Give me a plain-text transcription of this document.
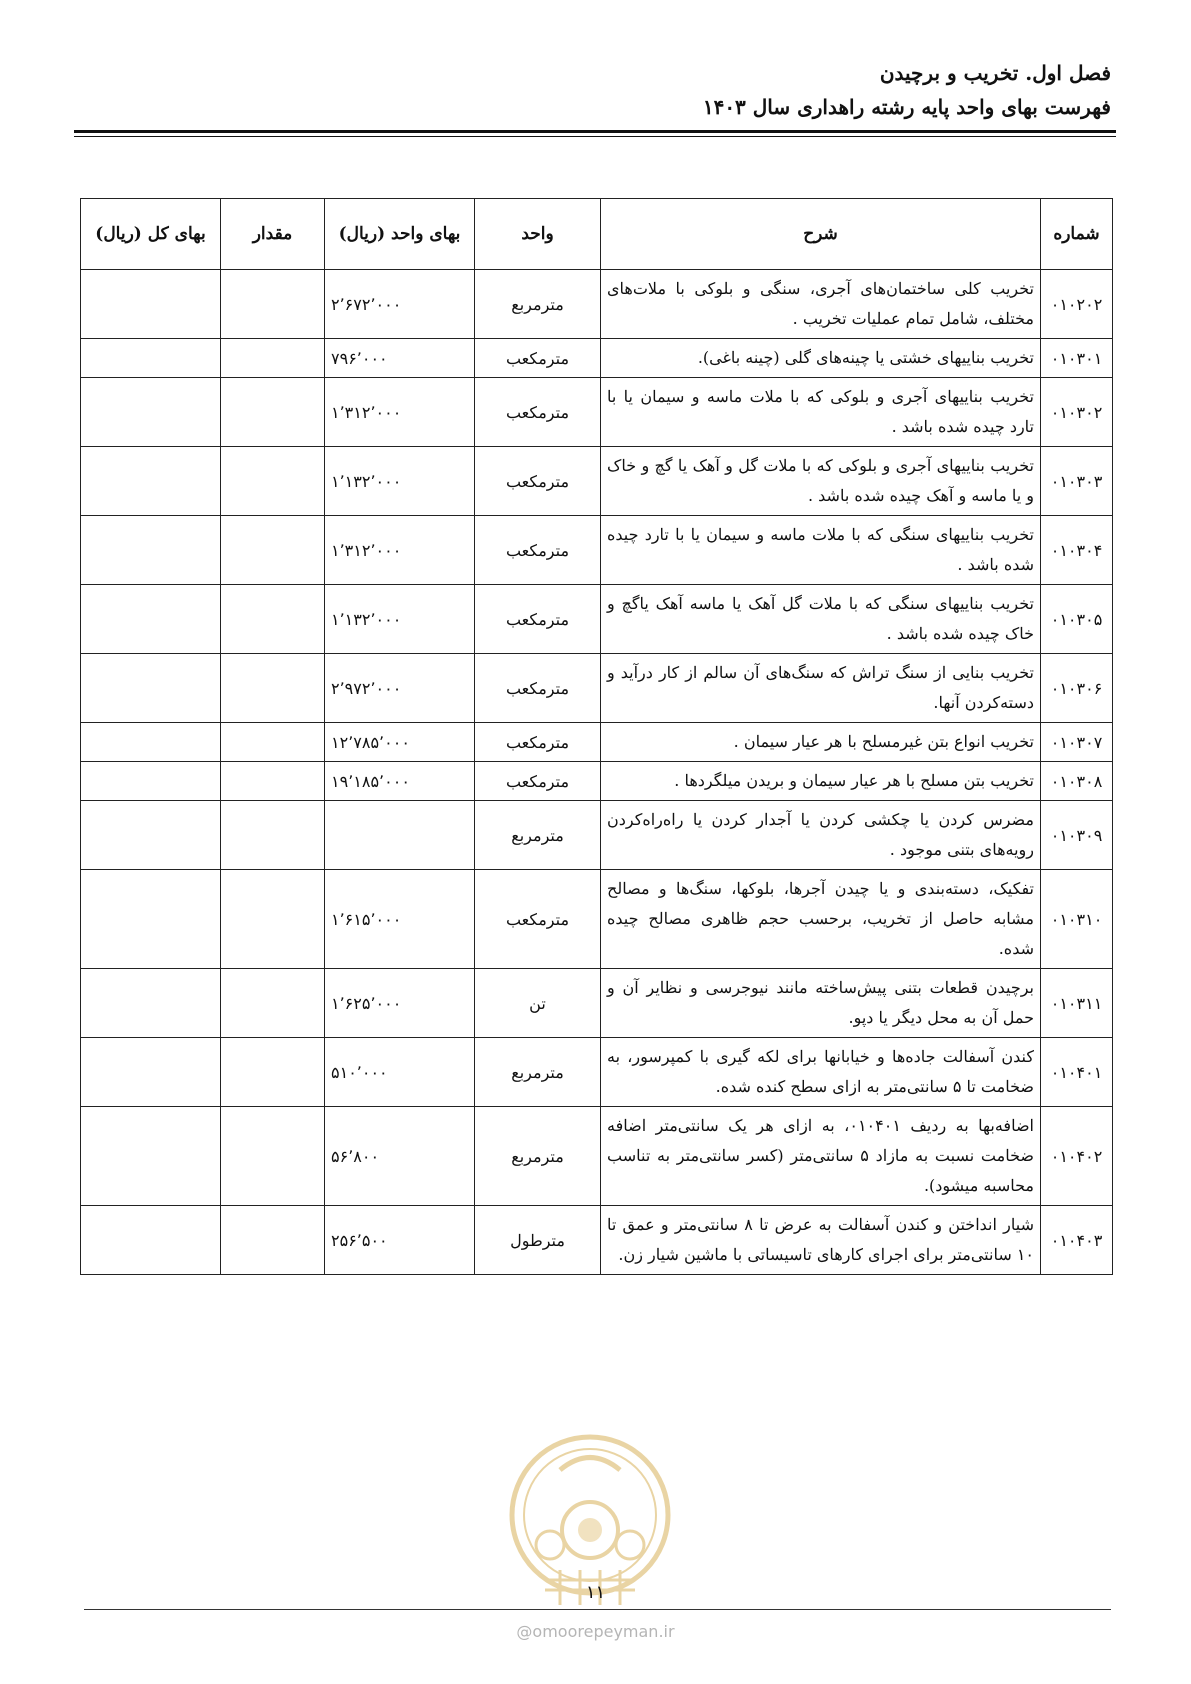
فصل اول. تخریب و برچیدن
فهرست بهای واحد پایه رشته راهداری سال ۱۴۰۳
شماره	شرح	واحد	بهای واحد (ریال)	مقدار	بهای کل (ریال)
۰۱۰۲۰۲	تخریب کلی ساختمان‌های آجری، سنگی و بلوکی با ملات‌های مختلف، شامل تمام عملیات تخریب .	مترمربع	۲٬۶۷۲٬۰۰۰		
۰۱۰۳۰۱	تخریب بناییهای خشتی یا چینه‌های گلی (چینه باغی).	مترمکعب	۷۹۶٬۰۰۰		
۰۱۰۳۰۲	تخریب بناییهای آجری و بلوکی که با ملات ماسه و سیمان یا با تارد چیده شده باشد .	مترمکعب	۱٬۳۱۲٬۰۰۰		
۰۱۰۳۰۳	تخریب بناییهای آجری و بلوکی که با ملات گل و آهک یا گچ و خاک و یا ماسه و آهک چیده شده باشد .	مترمکعب	۱٬۱۳۲٬۰۰۰		
۰۱۰۳۰۴	تخریب بناییهای سنگی که با ملات ماسه و سیمان یا با تارد چیده شده باشد .	مترمکعب	۱٬۳۱۲٬۰۰۰		
۰۱۰۳۰۵	تخریب بناییهای سنگی که با ملات گل آهک یا ماسه آهک یاگچ و خاک چیده شده باشد .	مترمکعب	۱٬۱۳۲٬۰۰۰		
۰۱۰۳۰۶	تخریب بنایی از سنگ تراش که سنگ‌های آن سالم از کار درآید و دسته‌کردن آنها.	مترمکعب	۲٬۹۷۲٬۰۰۰		
۰۱۰۳۰۷	تخریب انواع بتن غیرمسلح با هر عیار سیمان .	مترمکعب	۱۲٬۷۸۵٬۰۰۰		
۰۱۰۳۰۸	تخریب بتن مسلح با هر عیار سیمان و بریدن میلگردها .	مترمکعب	۱۹٬۱۸۵٬۰۰۰		
۰۱۰۳۰۹	مضرس کردن یا چکشی کردن یا آجدار کردن یا راه‌راه‌کردن رویه‌های بتنی موجود .	مترمربع			
۰۱۰۳۱۰	تفکیک، دسته‌بندی و یا چیدن آجرها، بلوکها، سنگ‌ها و مصالح مشابه حاصل از تخریب، برحسب حجم ظاهری مصالح چیده شده.	مترمکعب	۱٬۶۱۵٬۰۰۰		
۰۱۰۳۱۱	برچیدن قطعات بتنی پیش‌ساخته مانند نیوجرسی و نظایر آن و حمل آن به محل دیگر یا دپو.	تن	۱٬۶۲۵٬۰۰۰		
۰۱۰۴۰۱	کندن آسفالت جاده‌ها و خیابانها برای لکه گیری با کمپرسور، به ضخامت تا ۵ سانتی‌متر به ازای سطح کنده شده.	مترمربع	۵۱۰٬۰۰۰		
۰۱۰۴۰۲	اضافه‌بها به ردیف ۰۱۰۴۰۱، به ازای هر یک سانتی‌متر اضافه ضخامت نسبت به مازاد ۵ سانتی‌متر (کسر سانتی‌متر به تناسب محاسبه میشود).	مترمربع	۵۶٬۸۰۰		
۰۱۰۴۰۳	شیار انداختن و کندن آسفالت به عرض تا ۸ سانتی‌متر و عمق تا ۱۰ سانتی‌متر برای اجرای کارهای تاسیساتی با ماشین شیار زن.	مترطول	۲۵۶٬۵۰۰		
۱۱
@omoorepeyman.ir
